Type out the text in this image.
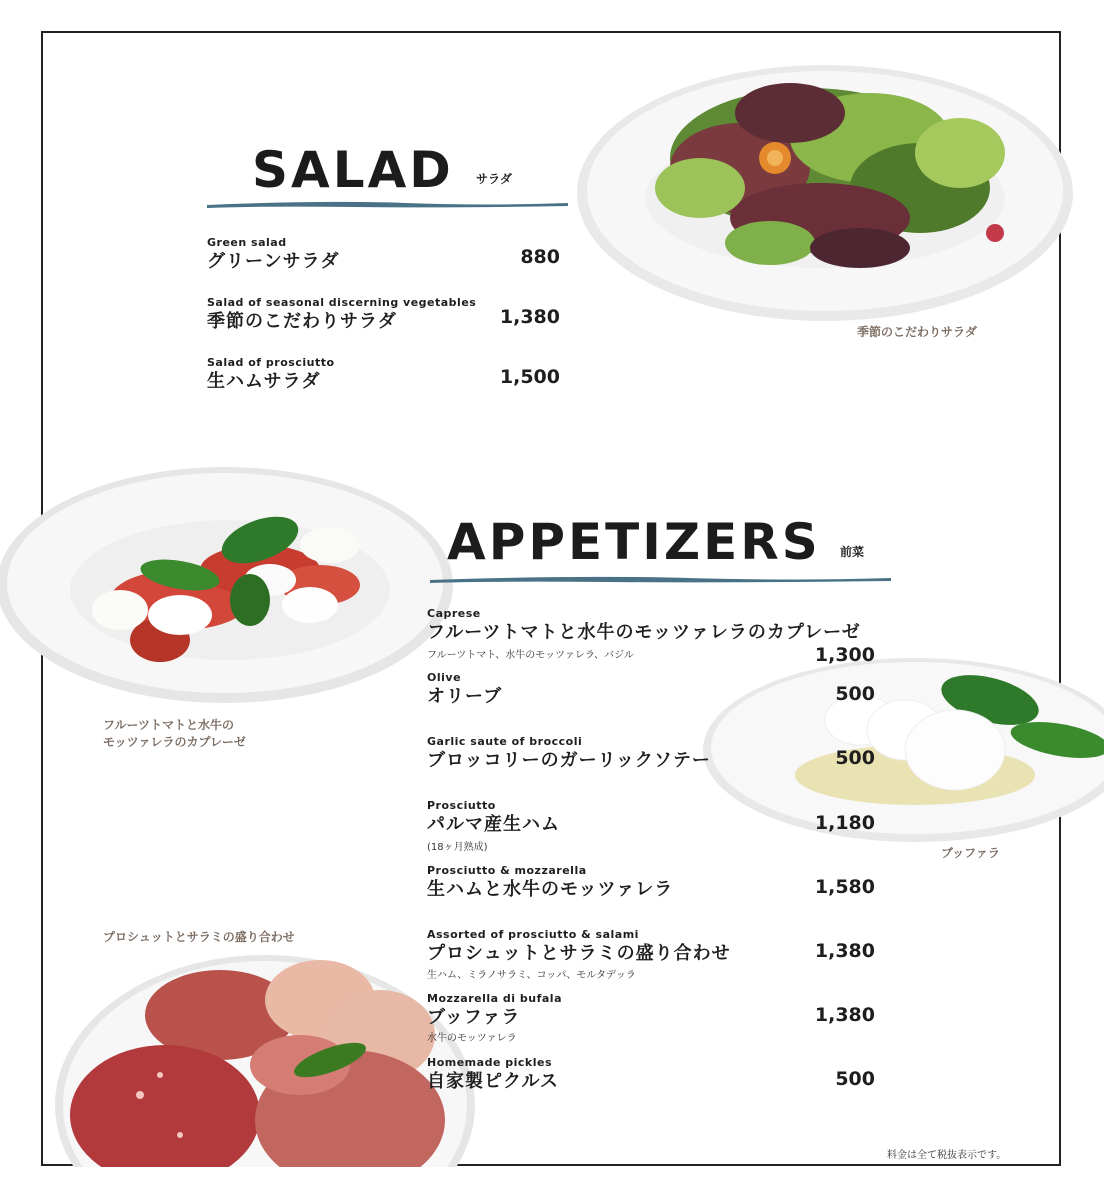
季節のこだわりサラダ
SALAD サラダ
Green salad
グリーンサラダ	880
Salad of seasonal discerning vegetables
季節のこだわりサラダ	1,380
Salad of prosciutto
生ハムサラダ	1,500
フルーツトマトと水牛の
モッツァレラのカプレーゼ
ブッファラ
プロシュットとサラミの盛り合わせ
APPETIZERS 前菜
Caprese
フルーツトマトと水牛のモッツァレラのカプレーゼ
フルーツトマト、水牛のモッツァレラ、バジル	1,300
Olive
オリーブ	500
Garlic saute of broccoli
ブロッコリーのガーリックソテー	500
Prosciutto
パルマ産生ハム
(18ヶ月熟成)
1,180
Prosciutto & mozzarella
生ハムと水牛のモッツァレラ	1,580
Assorted of prosciutto & salami
プロシュットとサラミの盛り合わせ
生ハム、ミラノサラミ、コッパ、モルタデッラ
1,380
Mozzarella di bufala
ブッファラ
水牛のモッツァレラ
1,380
Homemade pickles
自家製ピクルス	500
料金は全て税抜表示です。
